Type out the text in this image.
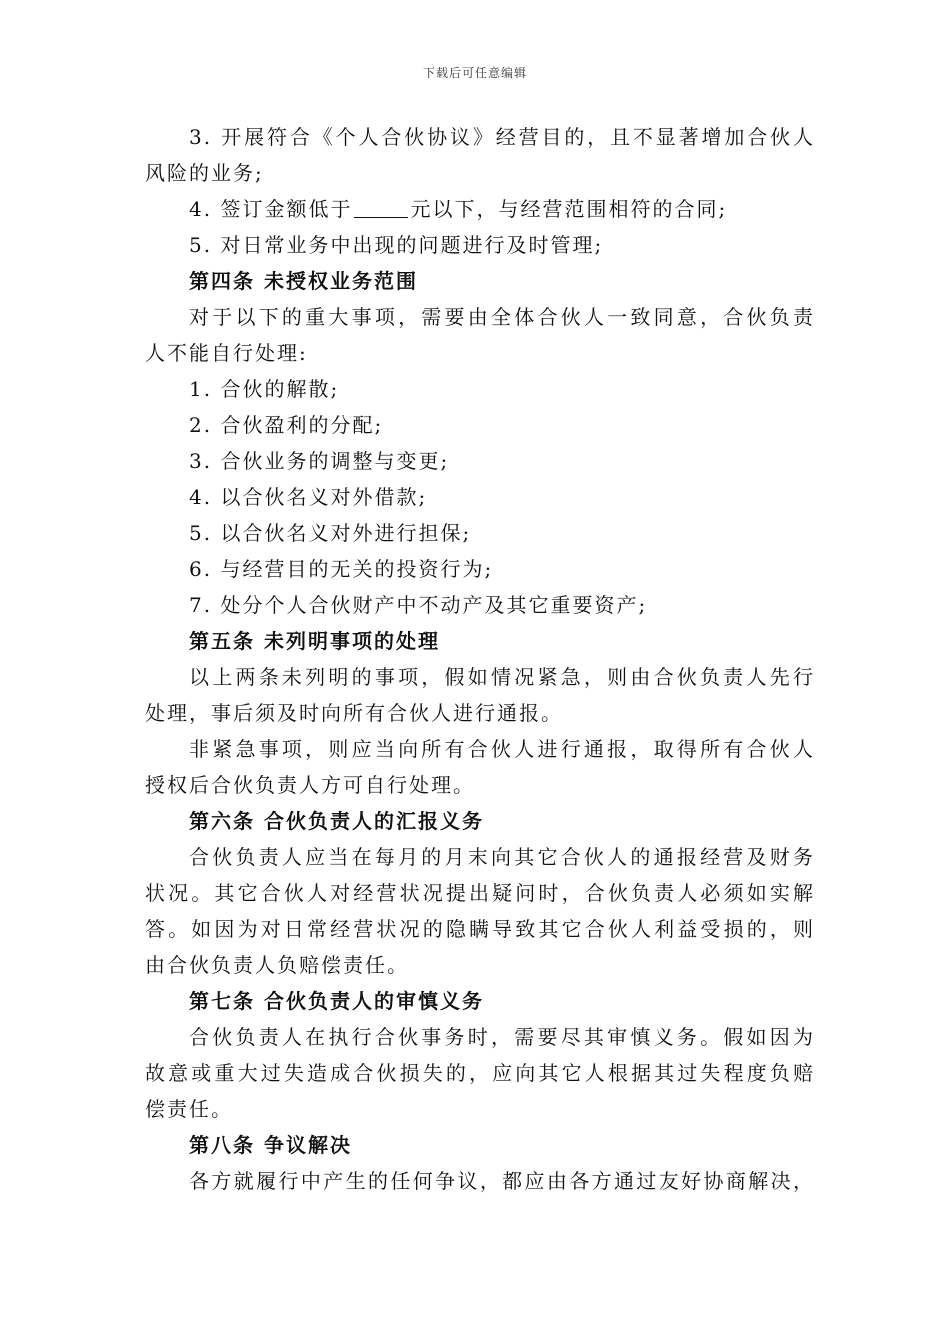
下载后可任意编辑
3. 开展符合《个人合伙协议》经营目的，且不显著增加合伙人
风险的业务;
4. 签订金额低于	元以下，与经营范围相符的合同;
5. 对日常业务中出现的问题进行及时管理;
第四条 未授权业务范围
对于以下的重大事项，需要由全体合伙人一致同意，合伙负责
人不能自行处理:
1. 合伙的解散;
2. 合伙盈利的分配;
3. 合伙业务的调整与变更;
4. 以合伙名义对外借款;
5. 以合伙名义对外进行担保;
6. 与经营目的无关的投资行为;
7. 处分个人合伙财产中不动产及其它重要资产;
第五条 未列明事项的处理
以上两条未列明的事项，假如情况紧急，则由合伙负责人先行
处理，事后须及时向所有合伙人进行通报。
非紧急事项，则应当向所有合伙人进行通报，取得所有合伙人
授权后合伙负责人方可自行处理。
第六条 合伙负责人的汇报义务
合伙负责人应当在每月的月末向其它合伙人的通报经营及财务
状况。其它合伙人对经营状况提出疑问时，合伙负责人必须如实解
答。如因为对日常经营状况的隐瞒导致其它合伙人利益受损的，则
由合伙负责人负赔偿责任。
第七条 合伙负责人的审慎义务
合伙负责人在执行合伙事务时，需要尽其审慎义务。假如因为
故意或重大过失造成合伙损失的，应向其它人根据其过失程度负赔
偿责任。
第八条 争议解决
各方就履行中产生的任何争议，都应由各方通过友好协商解决，
